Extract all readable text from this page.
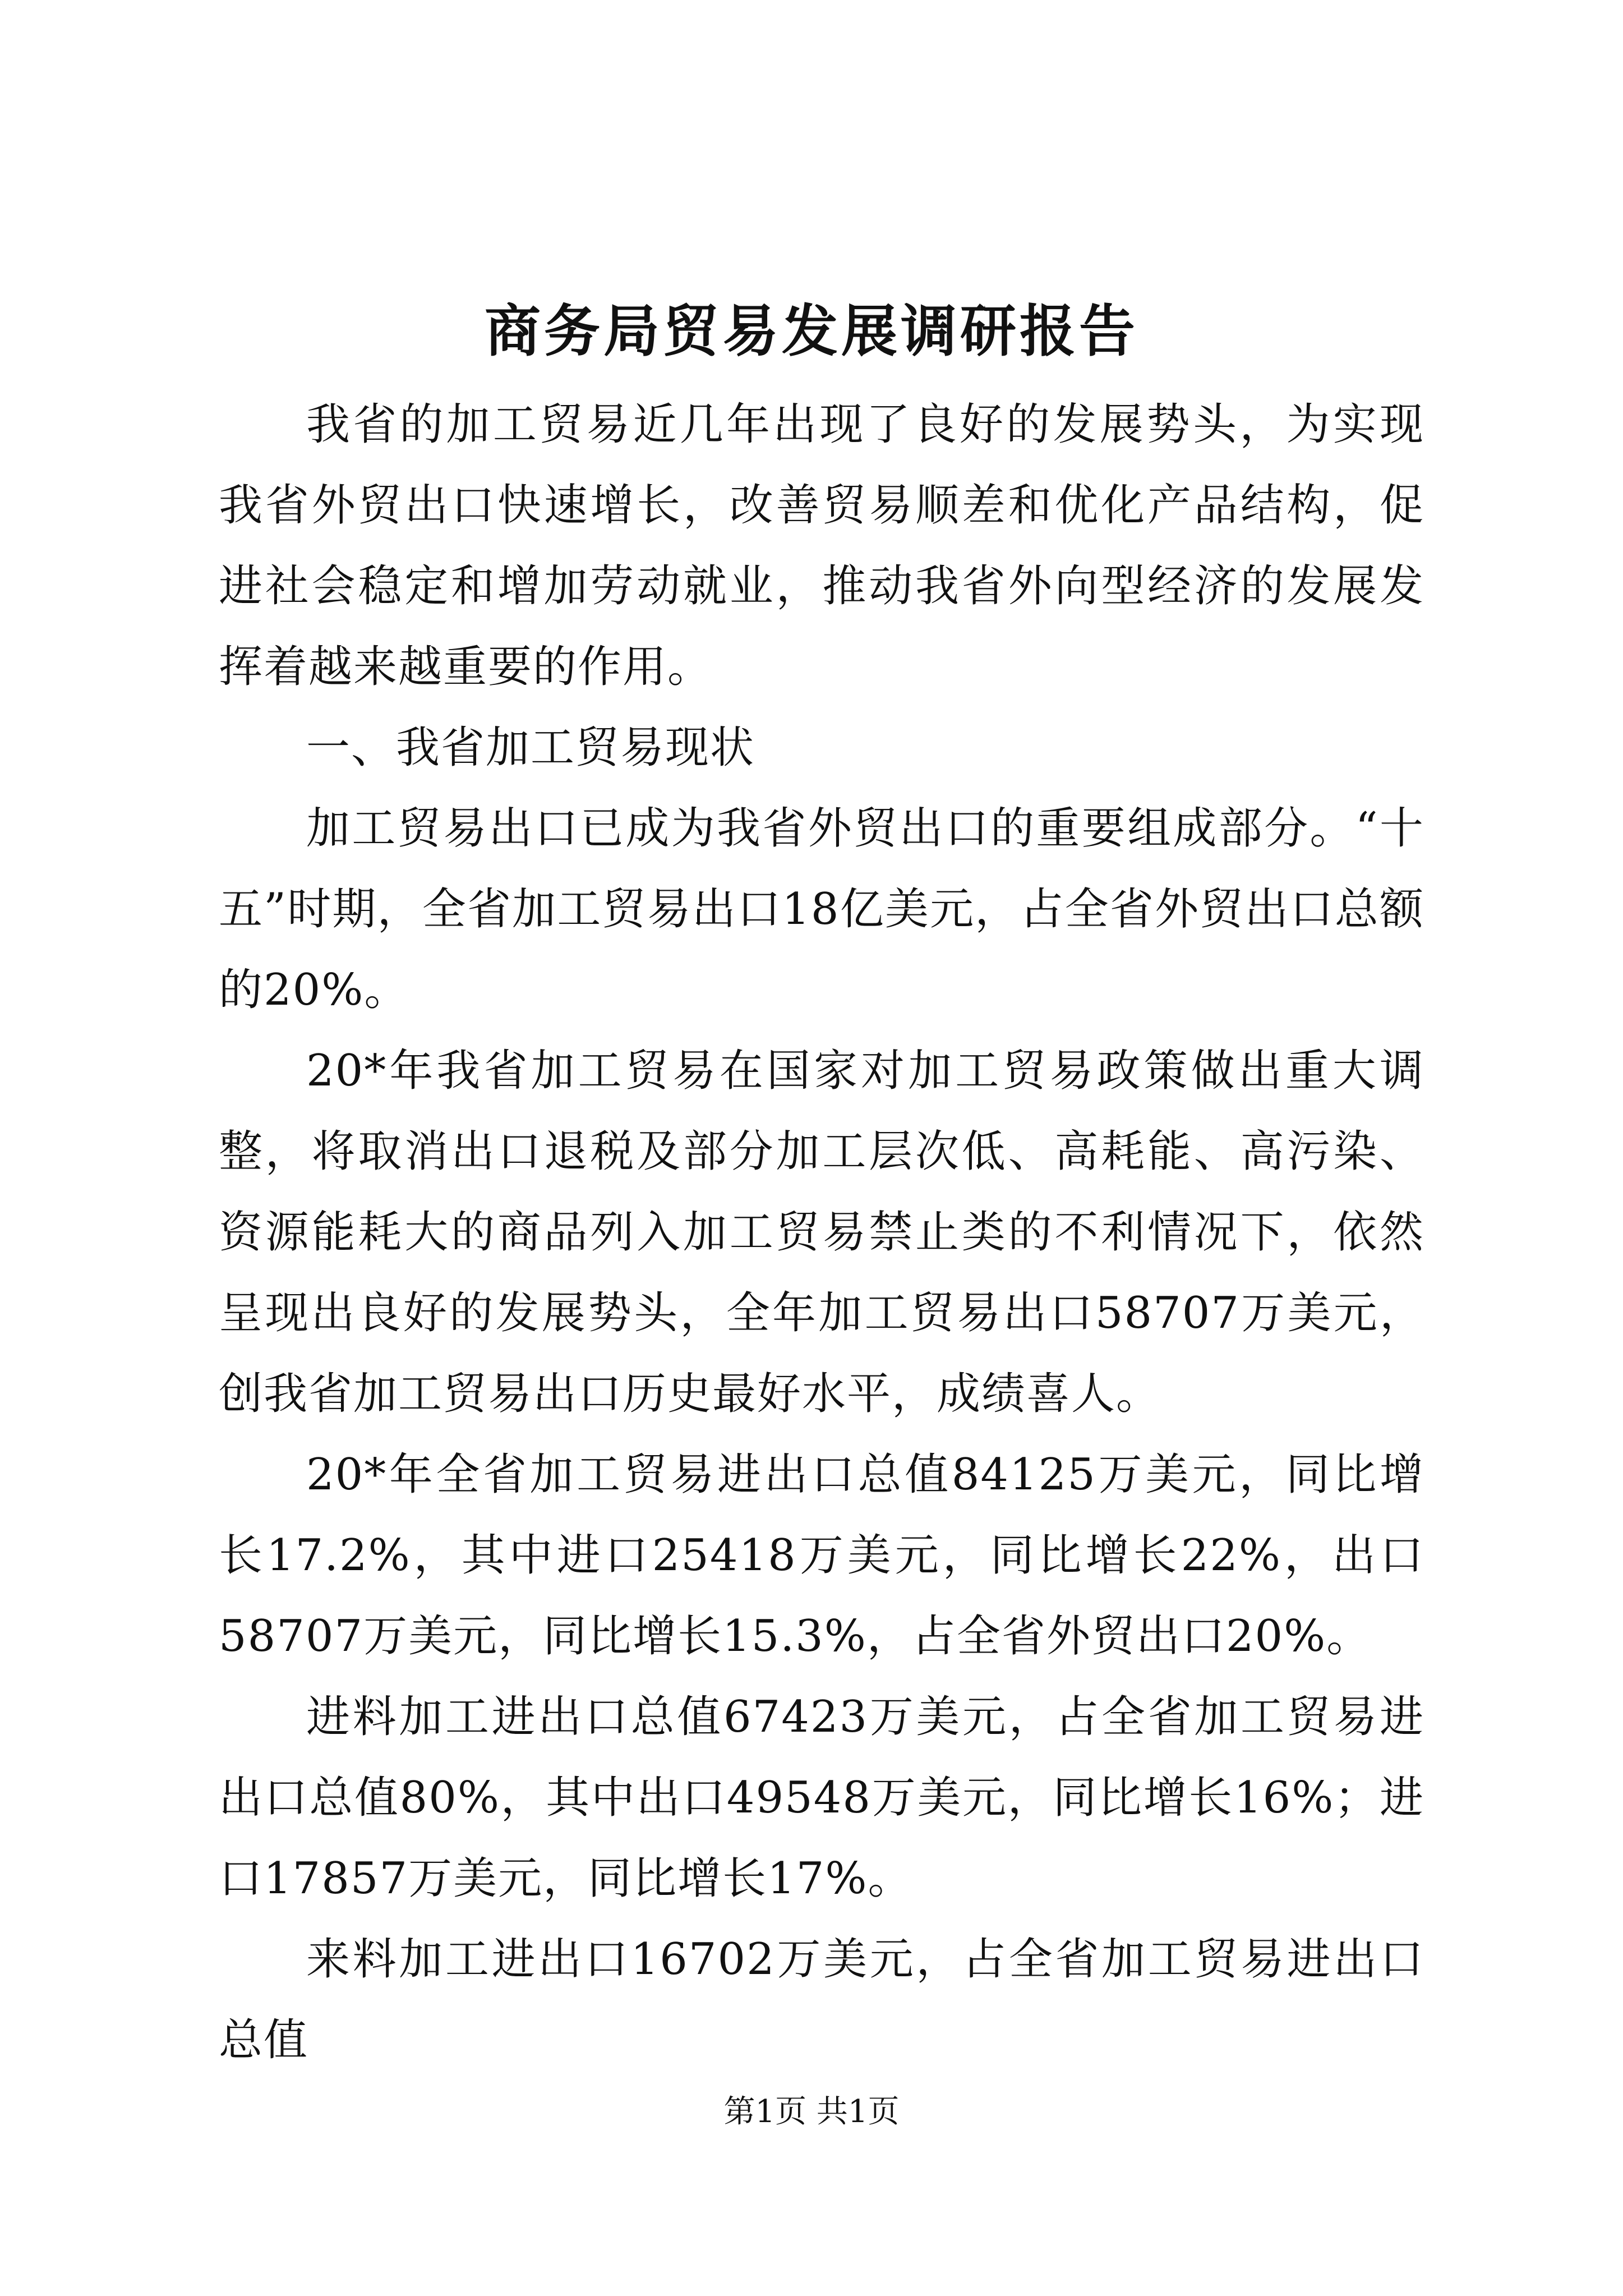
商务局贸易发展调研报告

我省的加工贸易近几年出现了良好的发展势头，为实现我省外贸出口快速增长，改善贸易顺差和优化产品结构，促进社会稳定和增加劳动就业，推动我省外向型经济的发展发挥着越来越重要的作用。

一、我省加工贸易现状

加工贸易出口已成为我省外贸出口的重要组成部分。“十五”时期，全省加工贸易出口18亿美元，占全省外贸出口总额的20%。

20*年我省加工贸易在国家对加工贸易政策做出重大调整，将取消出口退税及部分加工层次低、高耗能、高污染、资源能耗大的商品列入加工贸易禁止类的不利情况下，依然呈现出良好的发展势头，全年加工贸易出口58707万美元，创我省加工贸易出口历史最好水平，成绩喜人。

20*年全省加工贸易进出口总值84125万美元，同比增长17.2%，其中进口25418万美元，同比增长22%，出口58707万美元，同比增长15.3%，占全省外贸出口20%。

进料加工进出口总值67423万美元，占全省加工贸易进出口总值80%，其中出口49548万美元，同比增长16%；进口17857万美元，同比增长17%。

来料加工进出口16702万美元，占全省加工贸易进出口总值

第1页 共1页
